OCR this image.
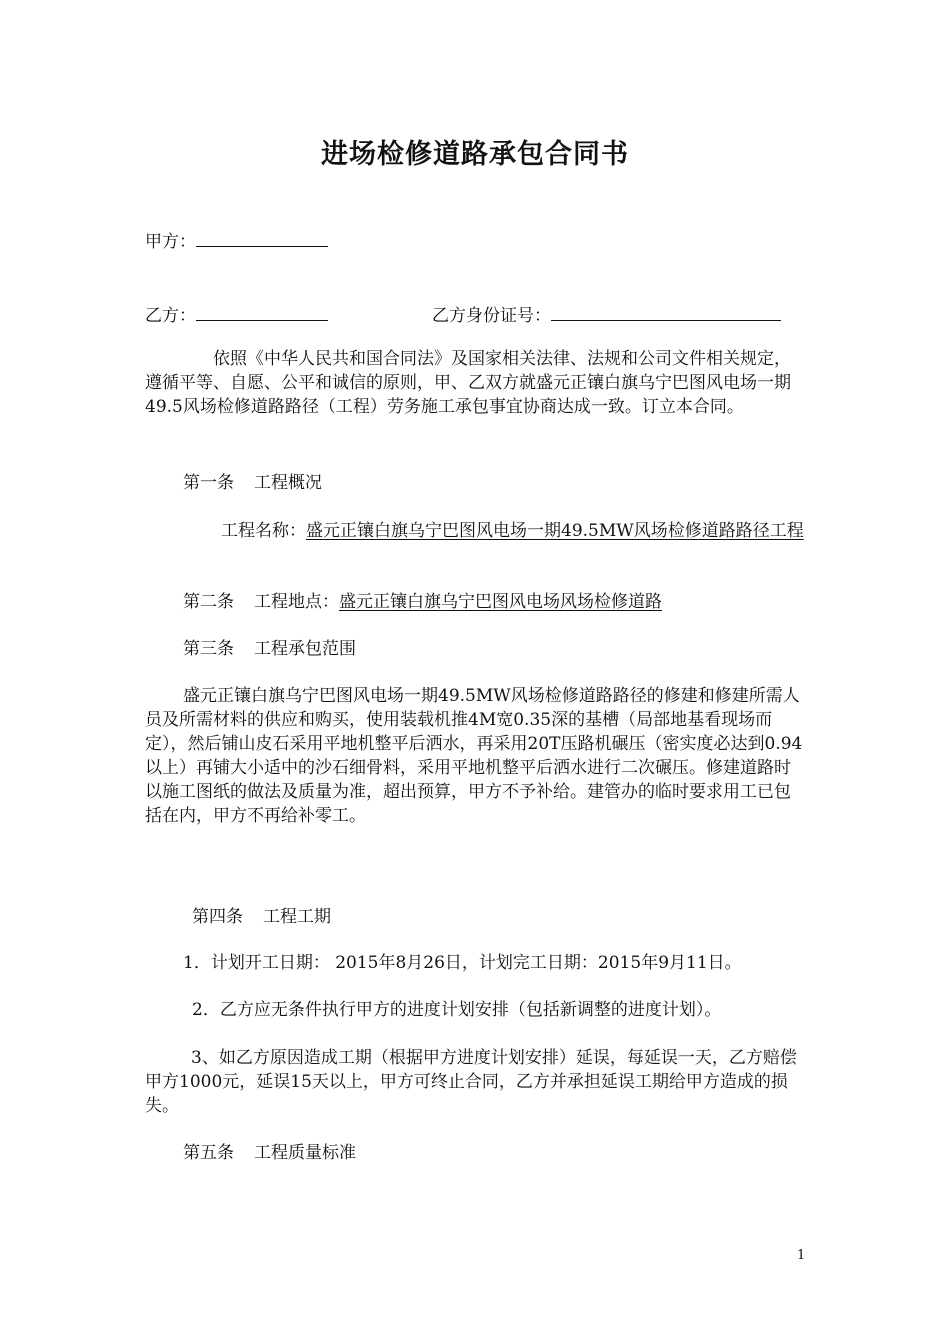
进场检修道路承包合同书
甲方：
乙方：	乙方身份证号：
依照《中华人民共和国合同法》及国家相关法律、法规和公司文件相关规定，遵循平等、自愿、公平和诚信的原则，甲、乙双方就盛元正镶白旗乌宁巴图风电场一期49.5风场检修道路路径（工程）劳务施工承包事宜协商达成一致。订立本合同。
第一条 工程概况
工程名称：盛元正镶白旗乌宁巴图风电场一期49.5MW风场检修道路路径工程
第二条 工程地点：盛元正镶白旗乌宁巴图风电场风场检修道路
第三条 工程承包范围
盛元正镶白旗乌宁巴图风电场一期49.5MW风场检修道路路径的修建和修建所需人员及所需材料的供应和购买，使用装载机推4M宽0.35深的基槽（局部地基看现场而定），然后铺山皮石采用平地机整平后洒水，再采用20T压路机碾压（密实度必达到0.94以上）再铺大小适中的沙石细骨料，采用平地机整平后洒水进行二次碾压。修建道路时以施工图纸的做法及质量为准，超出预算，甲方不予补给。建管办的临时要求用工已包括在内，甲方不再给补零工。
第四条 工程工期
1．计划开工日期： 2015年8月26日，计划完工日期：2015年9月11日。
2．乙方应无条件执行甲方的进度计划安排（包括新调整的进度计划）。
3、如乙方原因造成工期（根据甲方进度计划安排）延误，每延误一天，乙方赔偿甲方1000元，延误15天以上，甲方可终止合同，乙方并承担延误工期给甲方造成的损失。
第五条 工程质量标准
1
